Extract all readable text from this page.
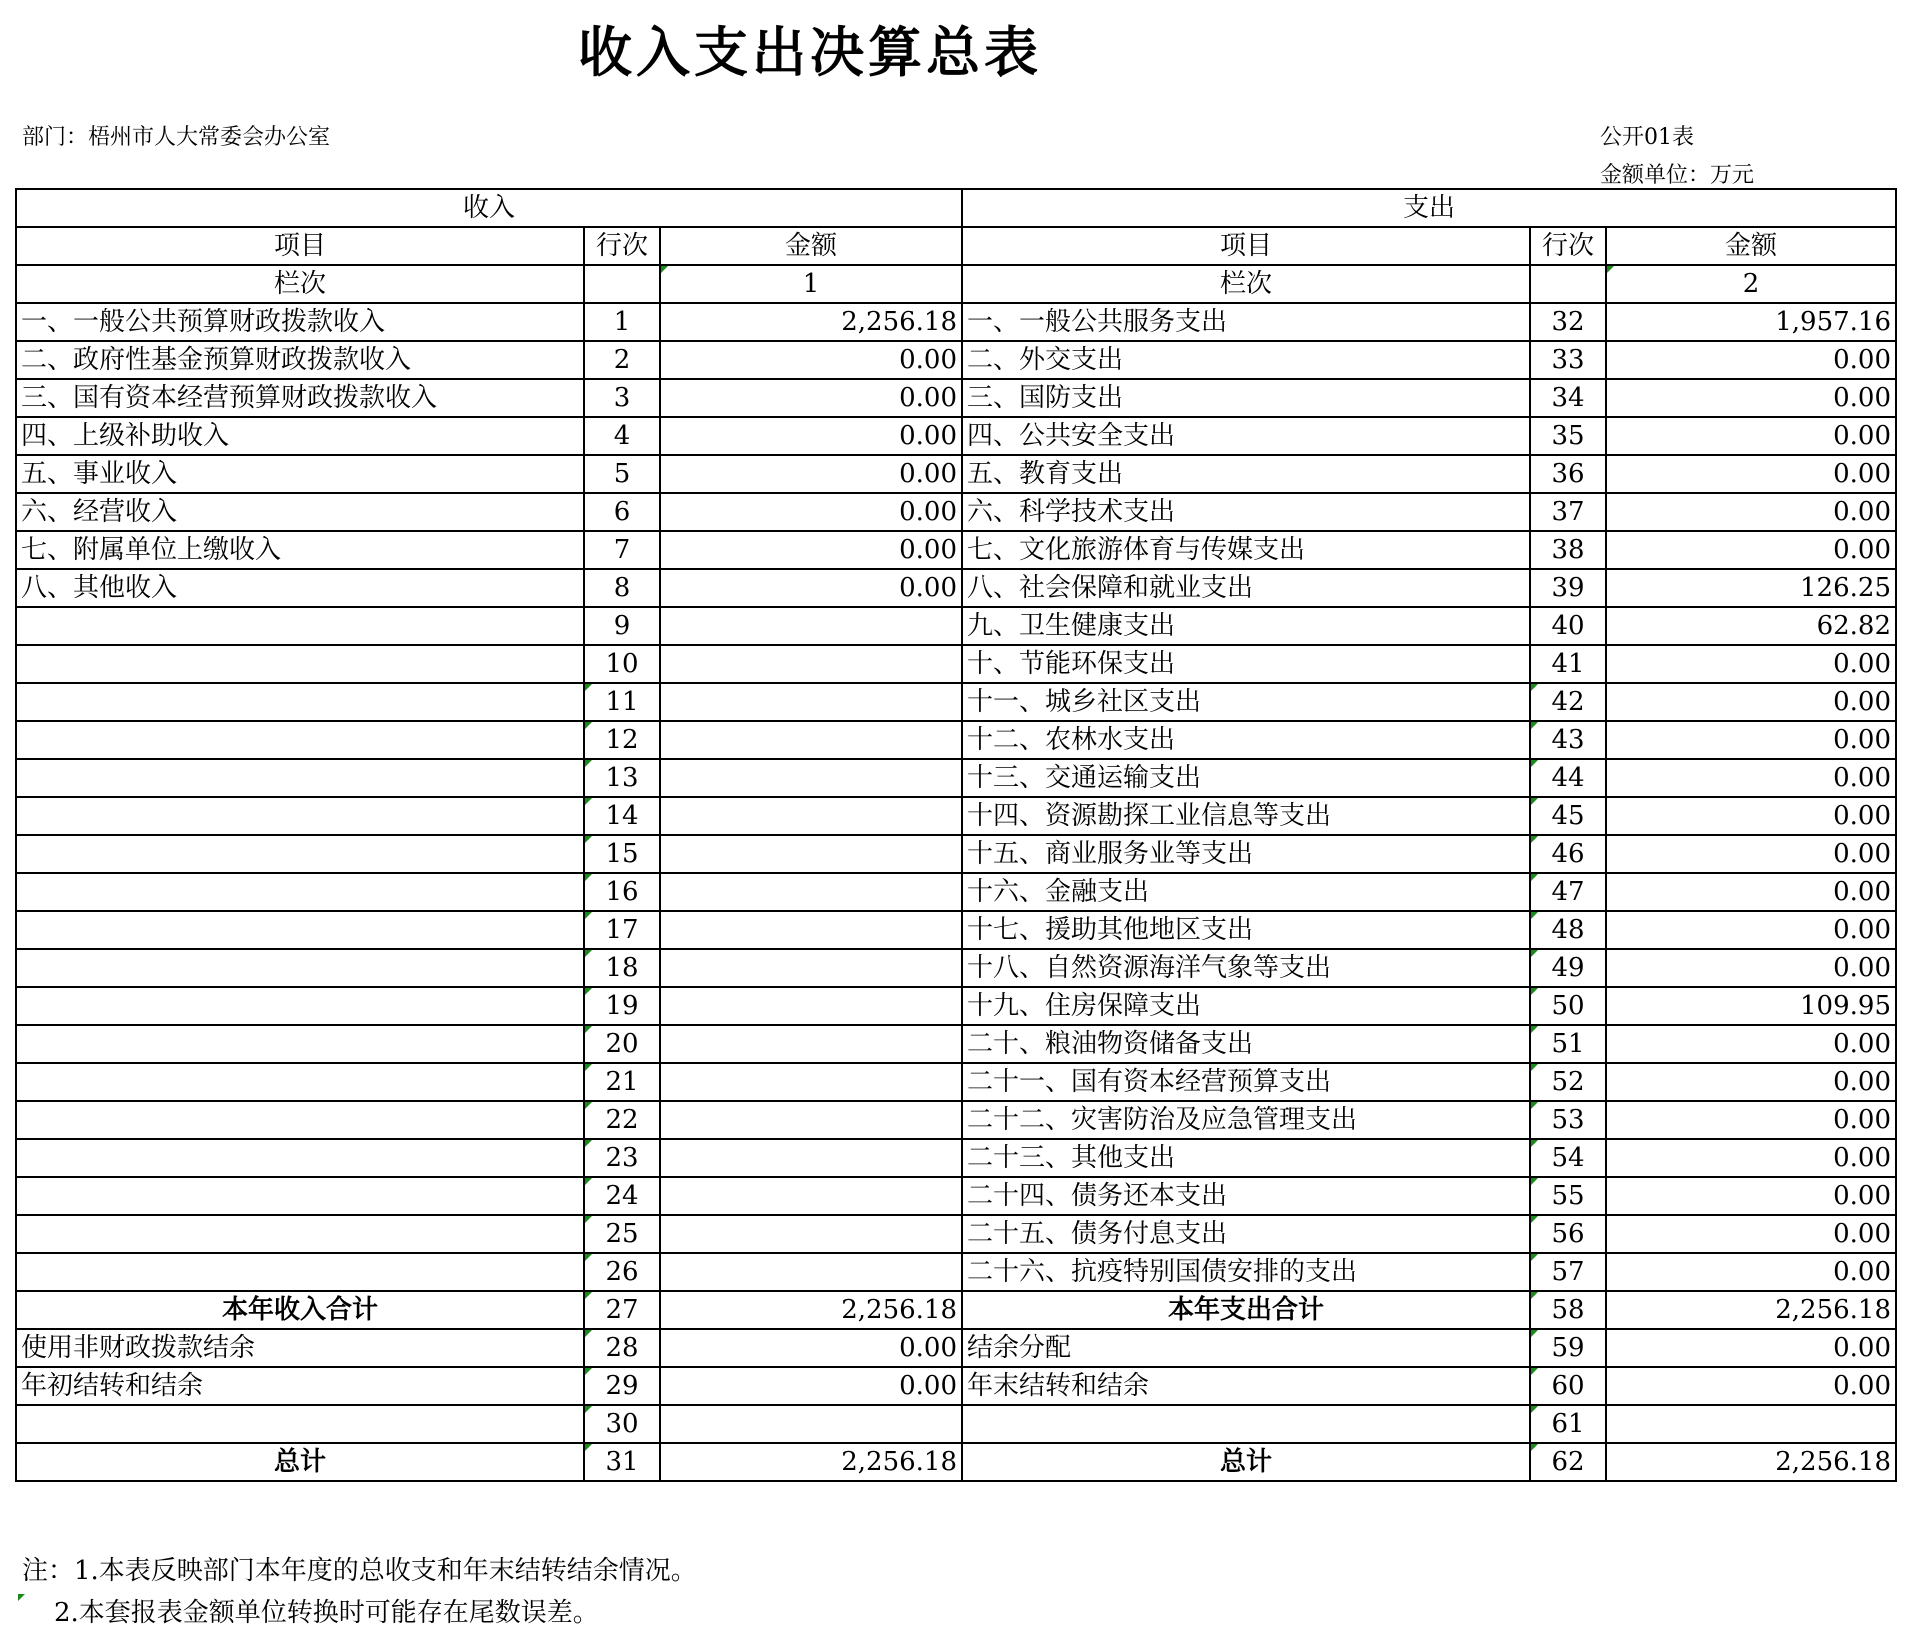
收入支出决算总表
部门：梧州市人大常委会办公室	公开01表
金额单位：万元
收入			支出		
项目	行次	金额	项目	行次	金额
栏次		1	栏次		2
一、一般公共预算财政拨款收入	1	2,256.18	一、一般公共服务支出	32	1,957.16
二、政府性基金预算财政拨款收入	2	0.00	二、外交支出	33	0.00
三、国有资本经营预算财政拨款收入	3	0.00	三、国防支出	34	0.00
四、上级补助收入	4	0.00	四、公共安全支出	35	0.00
五、事业收入	5	0.00	五、教育支出	36	0.00
六、经营收入	6	0.00	六、科学技术支出	37	0.00
七、附属单位上缴收入	7	0.00	七、文化旅游体育与传媒支出	38	0.00
八、其他收入	8	0.00	八、社会保障和就业支出	39	126.25
	9		九、卫生健康支出	40	62.82
	10		十、节能环保支出	41	0.00
	11		十一、城乡社区支出	42	0.00
	12		十二、农林水支出	43	0.00
	13		十三、交通运输支出	44	0.00
	14		十四、资源勘探工业信息等支出	45	0.00
	15		十五、商业服务业等支出	46	0.00
	16		十六、金融支出	47	0.00
	17		十七、援助其他地区支出	48	0.00
	18		十八、自然资源海洋气象等支出	49	0.00
	19		十九、住房保障支出	50	109.95
	20		二十、粮油物资储备支出	51	0.00
	21		二十一、国有资本经营预算支出	52	0.00
	22		二十二、灾害防治及应急管理支出	53	0.00
	23		二十三、其他支出	54	0.00
	24		二十四、债务还本支出	55	0.00
	25		二十五、债务付息支出	56	0.00
	26		二十六、抗疫特别国债安排的支出	57	0.00
本年收入合计	27	2,256.18	本年支出合计	58	2,256.18
使用非财政拨款结余	28	0.00	结余分配	59	0.00
年初结转和结余	29	0.00	年末结转和结余	60	0.00
	30			61	
总计	31	2,256.18	总计	62	2,256.18
注：1.本表反映部门本年度的总收支和年末结转结余情况。
2.本套报表金额单位转换时可能存在尾数误差。
